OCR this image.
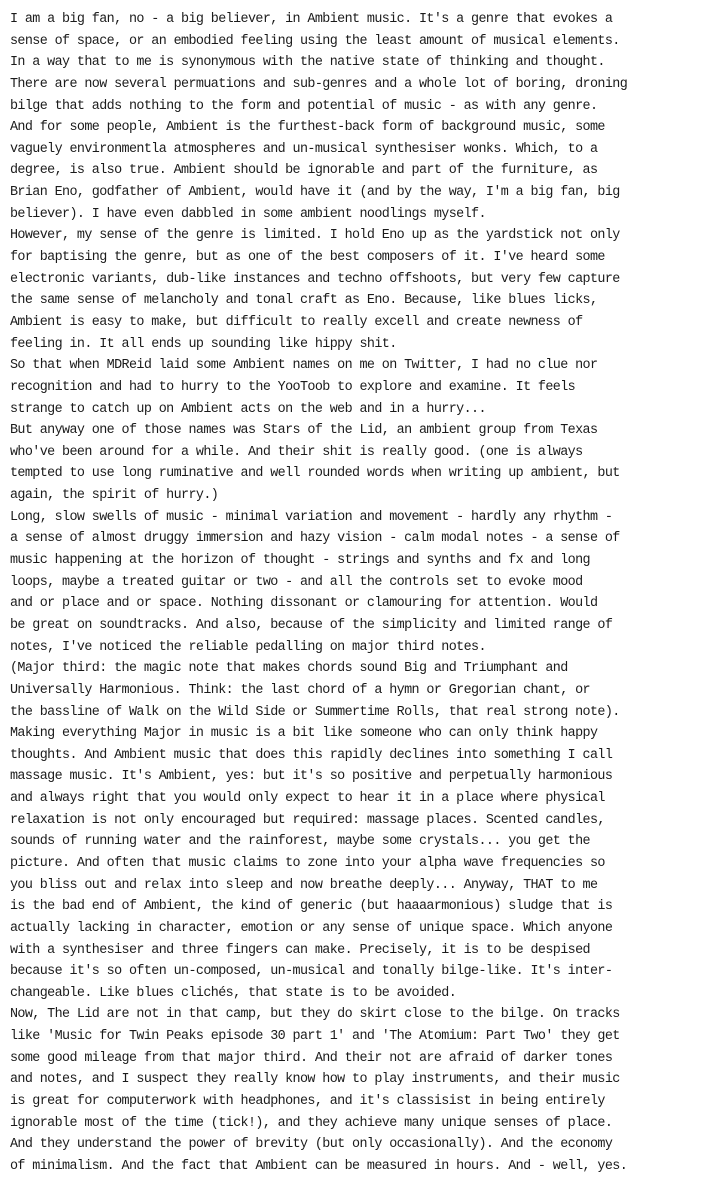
I am a big fan, no - a big believer, in Ambient music. It's a genre that evokes a
sense of space, or an embodied feeling using the least amount of musical elements.
In a way that to me is synonymous with the native state of thinking and thought.
There are now several permuations and sub-genres and a whole lot of boring, droning
bilge that adds nothing to the form and potential of music - as with any genre.
And for some people, Ambient is the furthest-back form of background music, some
vaguely environmentla atmospheres and un-musical synthesiser wonks. Which, to a
degree, is also true. Ambient should be ignorable and part of the furniture, as
Brian Eno, godfather of Ambient, would have it (and by the way, I'm a big fan, big
believer). I have even dabbled in some ambient noodlings myself.
However, my sense of the genre is limited. I hold Eno up as the yardstick not only
for baptising the genre, but as one of the best composers of it. I've heard some
electronic variants, dub-like instances and techno offshoots, but very few capture
the same sense of melancholy and tonal craft as Eno. Because, like blues licks,
Ambient is easy to make, but difficult to really excell and create newness of
feeling in. It all ends up sounding like hippy shit.
So that when MDReid laid some Ambient names on me on Twitter, I had no clue nor
recognition and had to hurry to the YooToob to explore and examine. It feels
strange to catch up on Ambient acts on the web and in a hurry...
But anyway one of those names was Stars of the Lid, an ambient group from Texas
who've been around for a while. And their shit is really good. (one is always
tempted to use long ruminative and well rounded words when writing up ambient, but
again, the spirit of hurry.)
Long, slow swells of music - minimal variation and movement - hardly any rhythm -
a sense of almost druggy immersion and hazy vision - calm modal notes - a sense of
music happening at the horizon of thought - strings and synths and fx and long
loops, maybe a treated guitar or two - and all the controls set to evoke mood
and or place and or space. Nothing dissonant or clamouring for attention. Would
be great on soundtracks. And also, because of the simplicity and limited range of
notes, I've noticed the reliable pedalling on major third notes.
(Major third: the magic note that makes chords sound Big and Triumphant and
Universally Harmonious. Think: the last chord of a hymn or Gregorian chant, or
the bassline of Walk on the Wild Side or Summertime Rolls, that real strong note).
Making everything Major in music is a bit like someone who can only think happy
thoughts. And Ambient music that does this rapidly declines into something I call
massage music. It's Ambient, yes: but it's so positive and perpetually harmonious
and always right that you would only expect to hear it in a place where physical
relaxation is not only encouraged but required: massage places. Scented candles,
sounds of running water and the rainforest, maybe some crystals... you get the
picture. And often that music claims to zone into your alpha wave frequencies so
you bliss out and relax into sleep and now breathe deeply... Anyway, THAT to me
is the bad end of Ambient, the kind of generic (but haaaarmonious) sludge that is
actually lacking in character, emotion or any sense of unique space. Which anyone
with a synthesiser and three fingers can make. Precisely, it is to be despised
because it's so often un-composed, un-musical and tonally bilge-like. It's inter-
changeable. Like blues clichés, that state is to be avoided.
Now, The Lid are not in that camp, but they do skirt close to the bilge. On tracks
like 'Music for Twin Peaks episode 30 part 1' and 'The Atomium: Part Two' they get
some good mileage from that major third. And their not are afraid of darker tones
and notes, and I suspect they really know how to play instruments, and their music
is great for computerwork with headphones, and it's classisist in being entirely
ignorable most of the time (tick!), and they achieve many unique senses of place.
And they understand the power of brevity (but only occasionally). And the economy
of minimalism. And the fact that Ambient can be measured in hours. And - well, yes.
